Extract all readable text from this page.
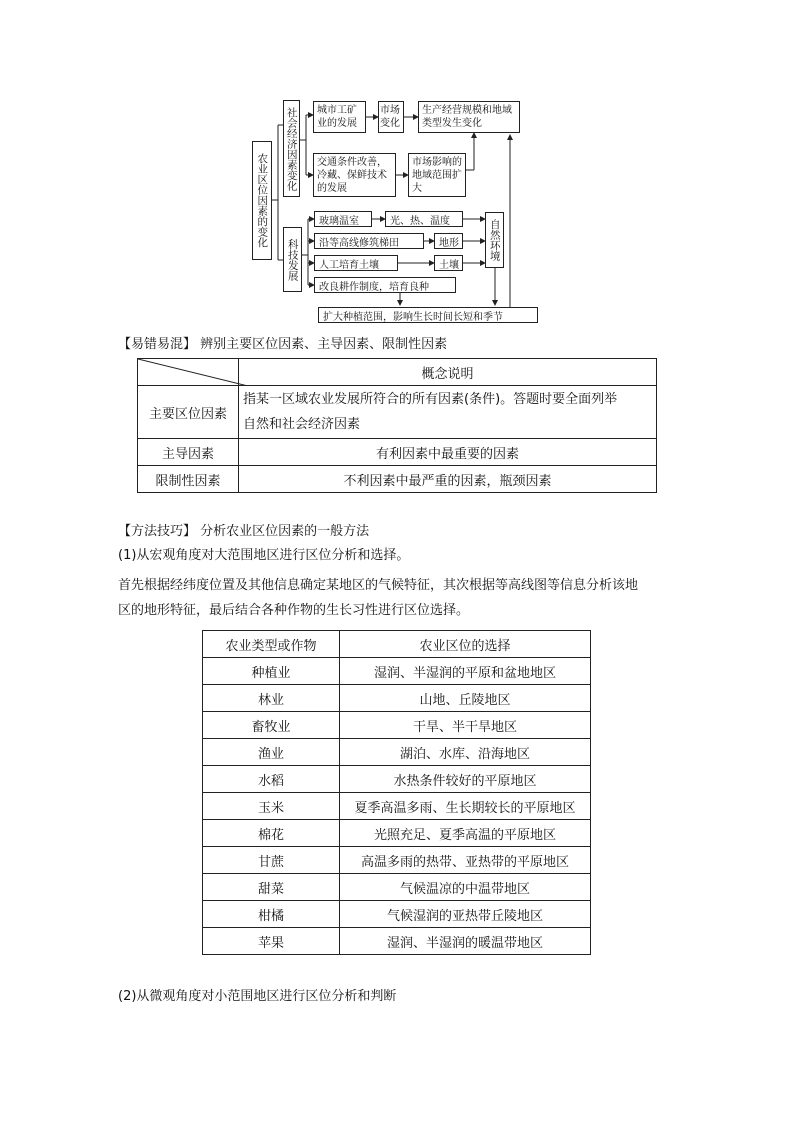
农业区位因素的变化
社会经济因素变化	城市工矿业的发展
市场变化
生产经营规模和地域类型发生变化
交通条件改善，冷藏、保鲜技术的发展
市场影响的地域范围扩大
科技发展
玻璃温室	光、热、温度
沿等高线修筑梯田	地形
人工培育土壤	土壤
自然环境
改良耕作制度，培育良种
扩大种植范围，影响生长时间长短和季节
【易错易混】 辨别主要区位因素、主导因素、限制性因素
	概念说明
主要区位因素	指某一区域农业发展所符合的所有因素(条件)。答题时要全面列举
自然和社会经济因素

主导因素	有利因素中最重要的因素
限制性因素	不利因素中最严重的因素，瓶颈因素
【方法技巧】 分析农业区位因素的一般方法
(1)从宏观角度对大范围地区进行区位分析和选择。
首先根据经纬度位置及其他信息确定某地区的气候特征，其次根据等高线图等信息分析该地
区的地形特征，最后结合各种作物的生长习性进行区位选择。
农业类型或作物	农业区位的选择
种植业	湿润、半湿润的平原和盆地地区
林业	山地、丘陵地区
畜牧业	干旱、半干旱地区
渔业	湖泊、水库、沿海地区
水稻	水热条件较好的平原地区
玉米	夏季高温多雨、生长期较长的平原地区
棉花	光照充足、夏季高温的平原地区
甘蔗	高温多雨的热带、亚热带的平原地区
甜菜	气候温凉的中温带地区
柑橘	气候湿润的亚热带丘陵地区
苹果	湿润、半湿润的暖温带地区
(2)从微观角度对小范围地区进行区位分析和判断
